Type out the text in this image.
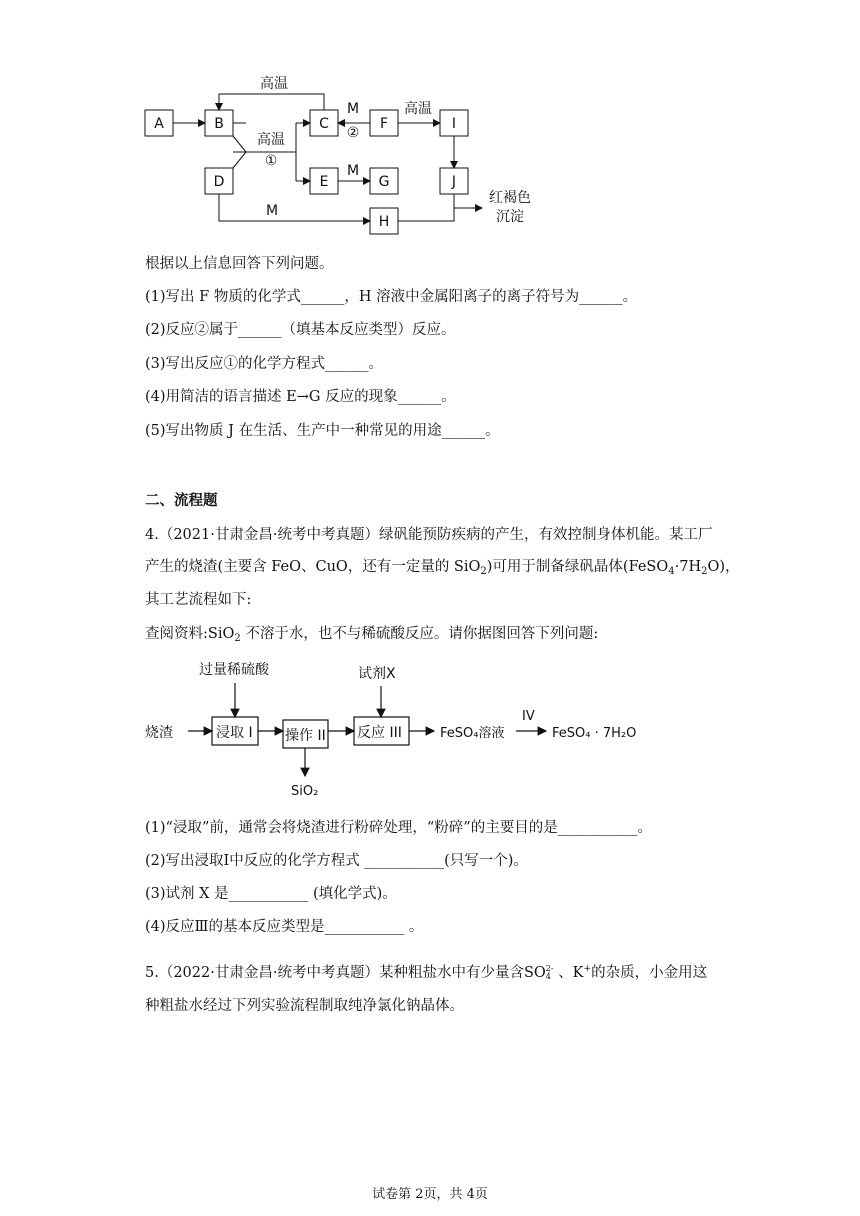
A	B	C	F	I
D	E	G	J
H
高温
高温
①
M
②
高温
M
M
红褐色
沉淀
根据以上信息回答下列问题。
(1)写出 F 物质的化学式______，H 溶液中金属阳离子的离子符号为______。
(2)反应②属于______（填基本反应类型）反应。
(3)写出反应①的化学方程式______。
(4)用简洁的语言描述 E→G 反应的现象______。
(5)写出物质 J 在生活、生产中一种常见的用途______。
二、流程题
4.（2021·甘肃金昌·统考中考真题）绿矾能预防疾病的产生，有效控制身体机能。某工厂
产生的烧渣(主要含 FeO、CuO，还有一定量的 SiO$_2$)可用于制备绿矾晶体$(FeSO_4\cdot 7H_2O)$，
其工艺流程如下:
查阅资料:SiO$_2$ 不溶于水，也不与稀硫酸反应。请你据图回答下列问题:
过量稀硫酸	试剂X
烧渣	浸取 I 操作 II 反应 III	FeSO₄溶液
IV
FeSO₄ · 7H₂O
SiO₂
(1)“浸取”前，通常会将烧渣进行粉碎处理，“粉碎”的主要目的是___________。
(2)写出浸取Ⅰ中反应的化学方程式 ___________(只写一个)。
(3)试剂 X 是___________ (填化学式)。
(4)反应Ⅲ的基本反应类型是___________ 。
5.（2022·甘肃金昌·统考中考真题）某种粗盐水中有少量含SO 2-
4 、K+的杂质，小金用这
种粗盐水经过下列实验流程制取纯净氯化钠晶体。
试卷第 2页，共 4页
